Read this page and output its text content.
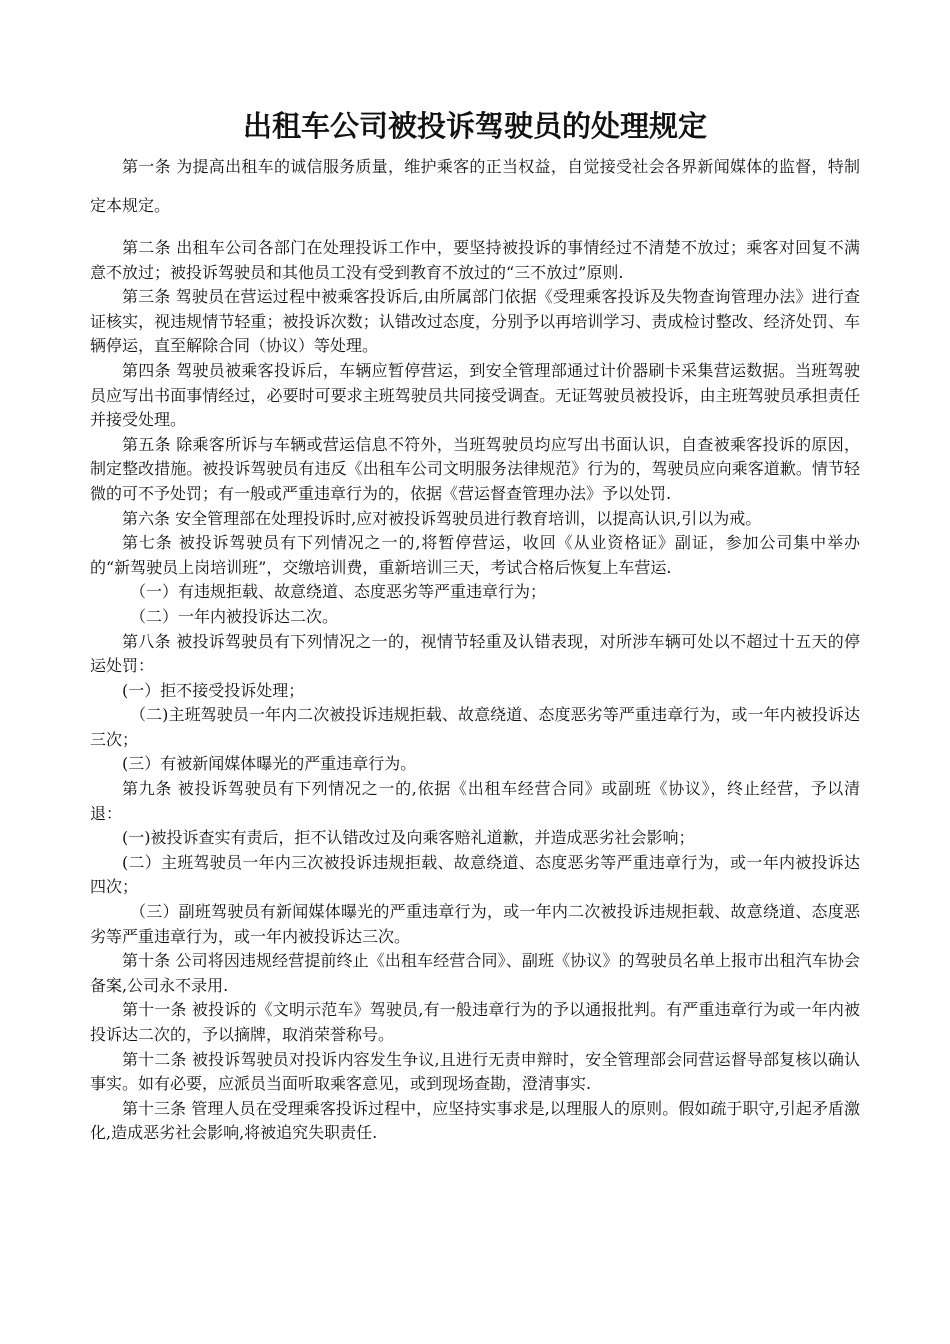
出租车公司被投诉驾驶员的处理规定

第一条 为提高出租车的诚信服务质量，维护乘客的正当权益，自觉接受社会各界新闻媒体的监督，特制定本规定。

第二条 出租车公司各部门在处理投诉工作中，要坚持被投诉的事情经过不清楚不放过；乘客对回复不满意不放过；被投诉驾驶员和其他员工没有受到教育不放过的“三不放过”原则.

第三条 驾驶员在营运过程中被乘客投诉后,由所属部门依据《受理乘客投诉及失物查询管理办法》进行查证核实，视违规情节轻重；被投诉次数；认错改过态度，分别予以再培训学习、责成检讨整改、经济处罚、车辆停运，直至解除合同（协议）等处理。

第四条 驾驶员被乘客投诉后，车辆应暂停营运，到安全管理部通过计价器刷卡采集营运数据。当班驾驶员应写出书面事情经过，必要时可要求主班驾驶员共同接受调查。无证驾驶员被投诉，由主班驾驶员承担责任并接受处理。

第五条 除乘客所诉与车辆或营运信息不符外，当班驾驶员均应写出书面认识，自查被乘客投诉的原因，制定整改措施。被投诉驾驶员有违反《出租车公司文明服务法律规范》行为的，驾驶员应向乘客道歉。情节轻微的可不予处罚；有一般或严重违章行为的，依据《营运督查管理办法》予以处罚.

第六条 安全管理部在处理投诉时,应对被投诉驾驶员进行教育培训，以提高认识,引以为戒。

第七条 被投诉驾驶员有下列情况之一的,将暂停营运，收回《从业资格证》副证，参加公司集中举办的“新驾驶员上岗培训班”，交缴培训费，重新培训三天，考试合格后恢复上车营运.

（一）有违规拒载、故意绕道、态度恶劣等严重违章行为；

（二）一年内被投诉达二次。

第八条 被投诉驾驶员有下列情况之一的，视情节轻重及认错表现，对所涉车辆可处以不超过十五天的停运处罚：

(一）拒不接受投诉处理；

（二)主班驾驶员一年内二次被投诉违规拒载、故意绕道、态度恶劣等严重违章行为，或一年内被投诉达三次；

(三）有被新闻媒体曝光的严重违章行为。

第九条 被投诉驾驶员有下列情况之一的,依据《出租车经营合同》或副班《协议》，终止经营，予以清退：

(一)被投诉查实有责后，拒不认错改过及向乘客赔礼道歉，并造成恶劣社会影响；

(二）主班驾驶员一年内三次被投诉违规拒载、故意绕道、态度恶劣等严重违章行为，或一年内被投诉达四次；

（三）副班驾驶员有新闻媒体曝光的严重违章行为，或一年内二次被投诉违规拒载、故意绕道、态度恶劣等严重违章行为，或一年内被投诉达三次。

第十条 公司将因违规经营提前终止《出租车经营合同》、副班《协议》的驾驶员名单上报市出租汽车协会备案,公司永不录用.

第十一条 被投诉的《文明示范车》驾驶员,有一般违章行为的予以通报批判。有严重违章行为或一年内被投诉达二次的，予以摘牌，取消荣誉称号。

第十二条 被投诉驾驶员对投诉内容发生争议,且进行无责申辩时，安全管理部会同营运督导部复核以确认事实。如有必要，应派员当面听取乘客意见，或到现场查勘，澄清事实.

第十三条 管理人员在受理乘客投诉过程中，应坚持实事求是,以理服人的原则。假如疏于职守,引起矛盾激化,造成恶劣社会影响,将被追究失职责任.
